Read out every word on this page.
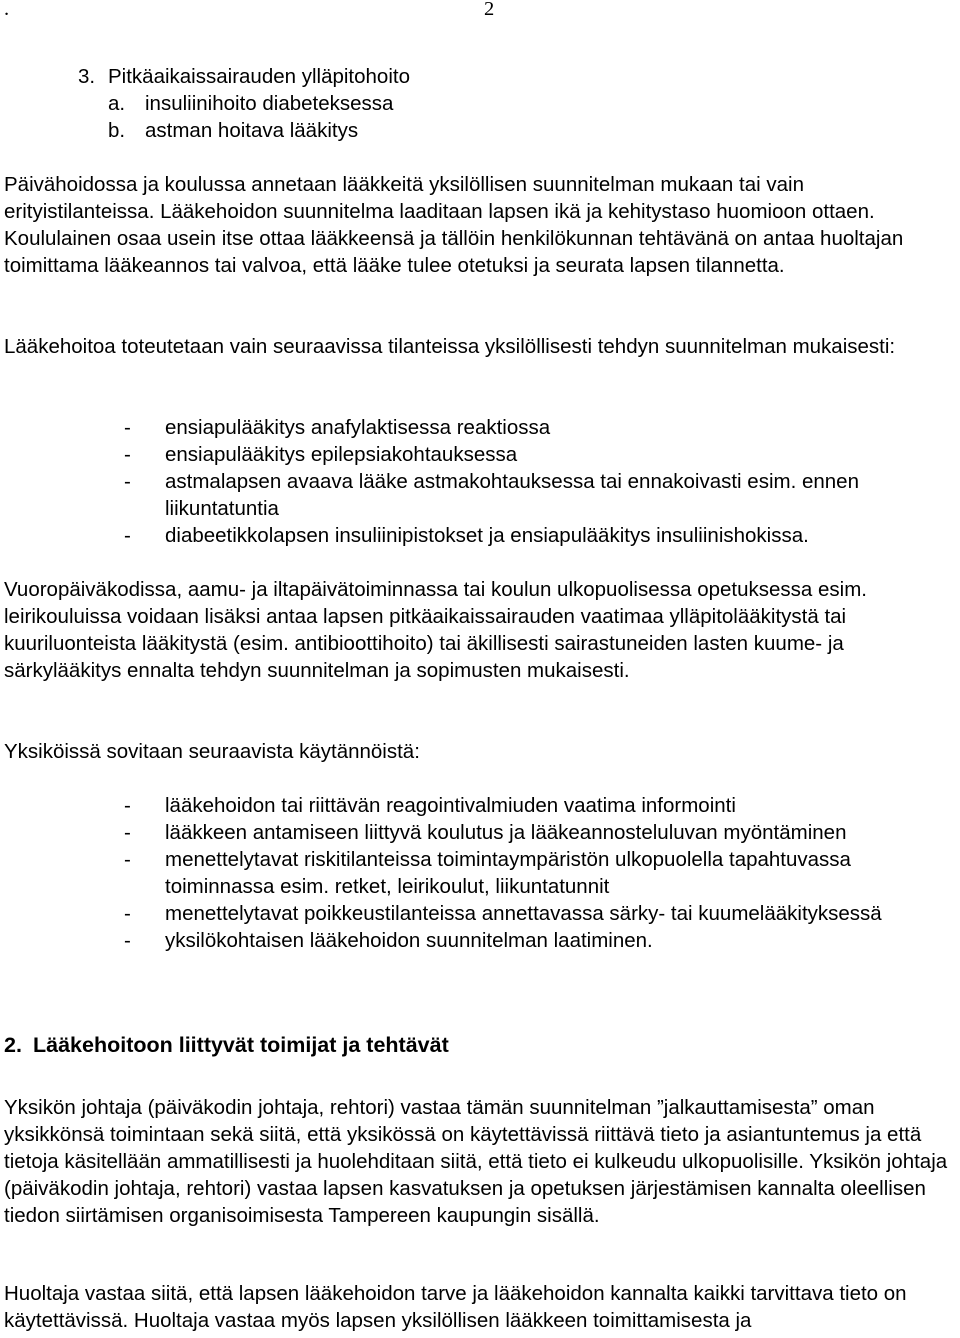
.	2
3. Pitkäaikaissairauden ylläpitohoito
a. insuliinihoito diabeteksessa
b. astman hoitava lääkitys

Päivähoidossa ja koulussa annetaan lääkkeitä yksilöllisen suunnitelman mukaan tai vain erityistilanteissa. Lääkehoidon suunnitelma laaditaan lapsen ikä ja kehitystaso huomioon ottaen. Koululainen osaa usein itse ottaa lääkkeensä ja tällöin henkilökunnan tehtävänä on antaa huoltajan toimittama lääkeannos tai valvoa, että lääke tulee otetuksi ja seurata lapsen tilannetta.

Lääkehoitoa toteutetaan vain seuraavissa tilanteissa yksilöllisesti tehdyn suunnitelman mukaisesti:

- ensiapulääkitys anafylaktisessa reaktiossa
- ensiapulääkitys epilepsiakohtauksessa
- astmalapsen avaava lääke astmakohtauksessa tai ennakoivasti esim. ennen liikuntatuntia
- diabeetikkolapsen insuliinipistokset ja ensiapulääkitys insuliinishokissa.

Vuoropäiväkodissa, aamu- ja iltapäivätoiminnassa tai koulun ulkopuolisessa opetuksessa esim. leirikouluissa voidaan lisäksi antaa lapsen pitkäaikaissairauden vaatimaa ylläpitolääkitystä tai kuuriluonteista lääkitystä (esim. antibioottihoito) tai äkillisesti sairastuneiden lasten kuume- ja särkylääkitys ennalta tehdyn suunnitelman ja sopimusten mukaisesti.

Yksiköissä sovitaan seuraavista käytännöistä:

- lääkehoidon tai riittävän reagointivalmiuden vaatima informointi
- lääkkeen antamiseen liittyvä koulutus ja lääkeannosteluluvan myöntäminen
- menettelytavat riskitilanteissa toimintaympäristön ulkopuolella tapahtuvassa toiminnassa esim. retket, leirikoulut, liikuntatunnit
- menettelytavat poikkeustilanteissa annettavassa särky- tai kuumelääkityksessä
- yksilökohtaisen lääkehoidon suunnitelman laatiminen.
2. Lääkehoitoon liittyvät toimijat ja tehtävät

Yksikön johtaja (päiväkodin johtaja, rehtori) vastaa tämän suunnitelman ”jalkauttamisesta” oman yksikkönsä toimintaan sekä siitä, että yksikössä on käytettävissä riittävä tieto ja asiantuntemus ja että tietoja käsitellään ammatillisesti ja huolehditaan siitä, että tieto ei kulkeudu ulkopuolisille. Yksikön johtaja (päiväkodin johtaja, rehtori) vastaa lapsen kasvatuksen ja opetuksen järjestämisen kannalta oleellisen tiedon siirtämisen organisoimisesta Tampereen kaupungin sisällä.

Huoltaja vastaa siitä, että lapsen lääkehoidon tarve ja lääkehoidon kannalta kaikki tarvittava tieto on käytettävissä. Huoltaja vastaa myös lapsen yksilöllisen lääkkeen toimittamisesta ja
